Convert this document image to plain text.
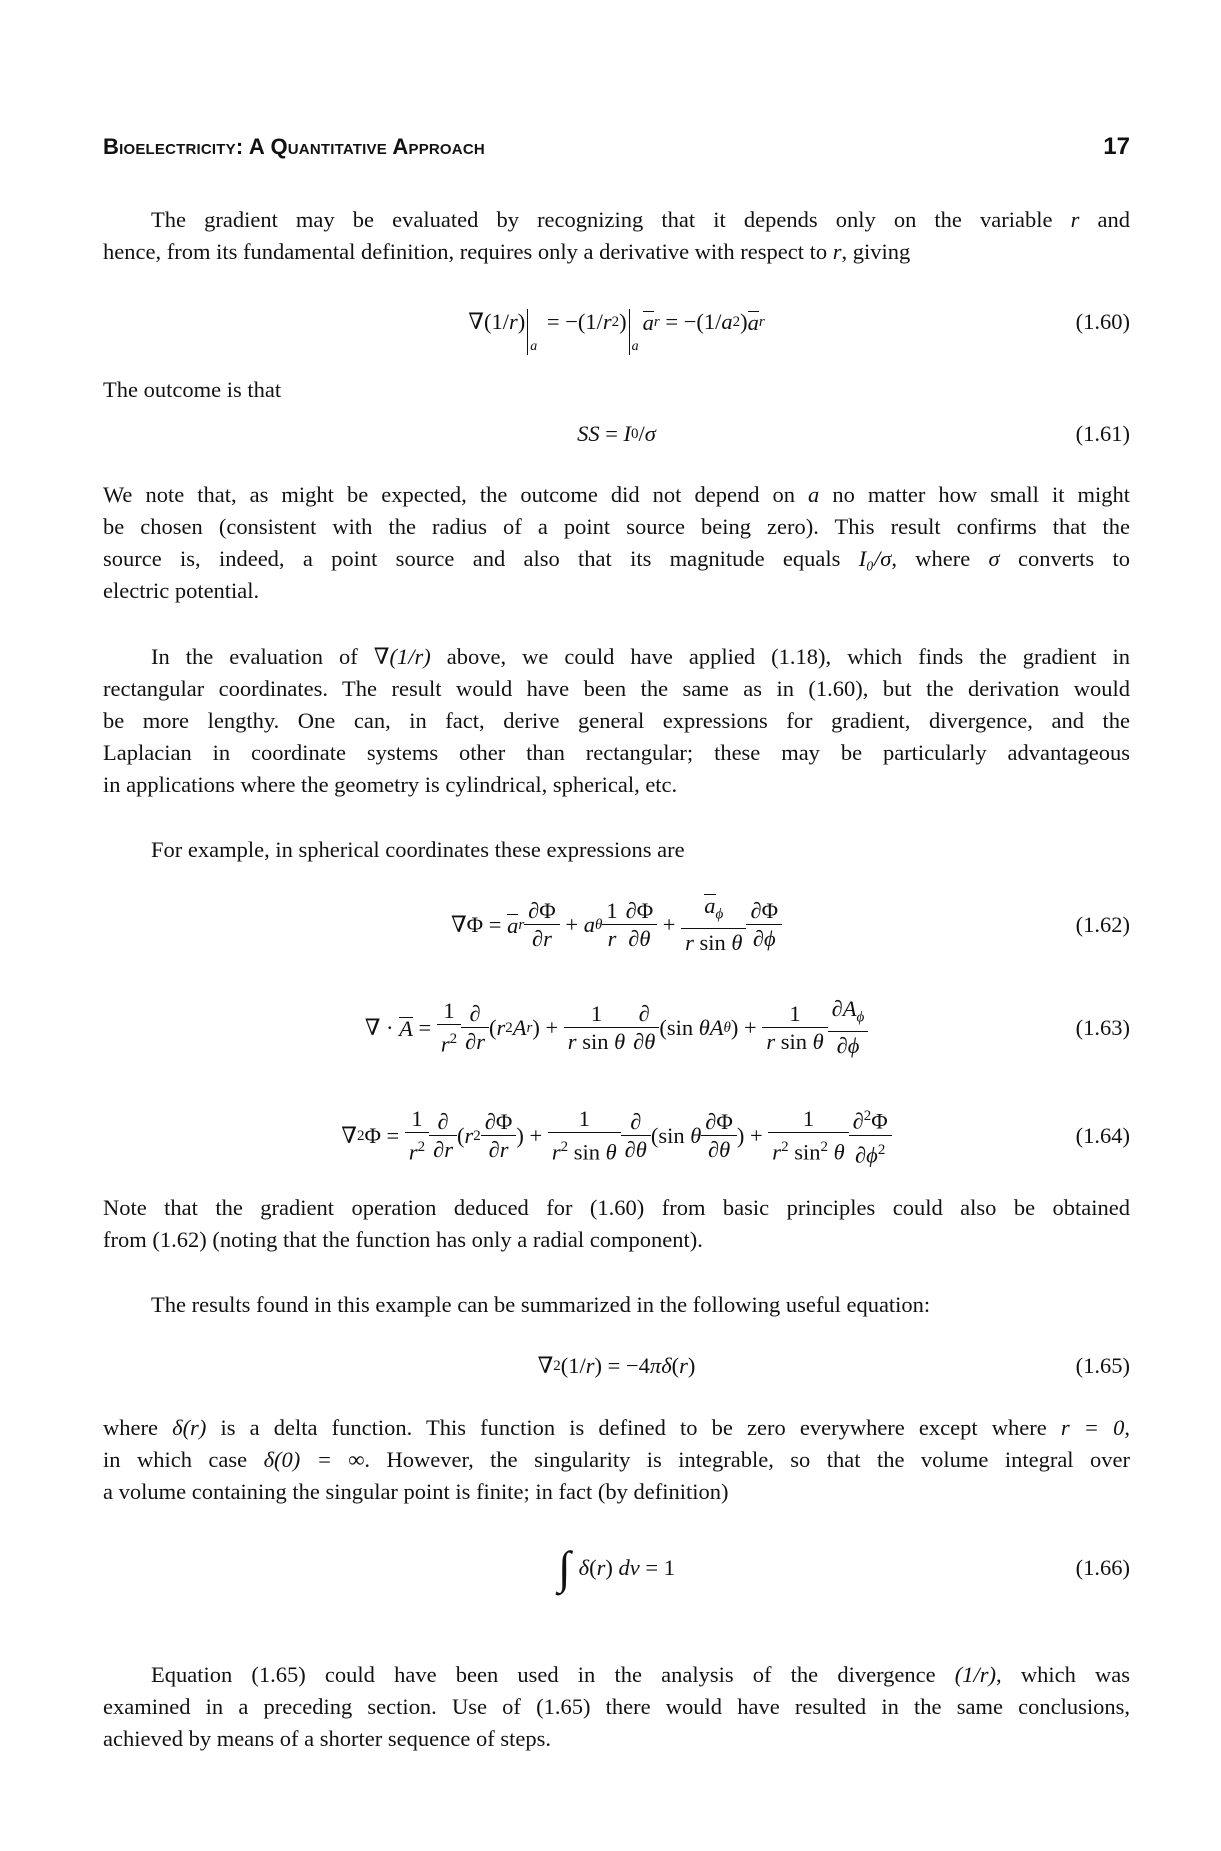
Bioelectricity: A Quantitative Approach	17
The gradient may be evaluated by recognizing that it depends only on the variable r and
hence, from its fundamental definition, requires only a derivative with respect to r, giving
∇(1/ r )
a
= −(1/ r 2 )
a
a r = −(1/ a 2 ) a r	(1.60)
The outcome is that
SS = I 0 / σ	(1.61)
We note that, as might be expected, the outcome did not depend on a no matter how small it might
be chosen (consistent with the radius of a point source being zero). This result confirms that the
source is, indeed, a point source and also that its magnitude equals I₀/σ, where σ converts to
electric potential.
In the evaluation of ∇(1/r) above, we could have applied (1.18), which finds the gradient in
rectangular coordinates. The result would have been the same as in (1.60), but the derivation would
be more lengthy. One can, in fact, derive general expressions for gradient, divergence, and the
Laplacian in coordinate systems other than rectangular; these may be particularly advantageous
in applications where the geometry is cylindrical, spherical, etc.
For example, in spherical coordinates these expressions are
∇Φ = a r $\frac{\partial\Phi}{\partial r} + a$ θ $\frac{1}{r} \frac{\partial\Phi}{\partial\theta} + \frac{a_\phi}{\text{r sin θ}} \frac{\partial\Phi}{\partial\phi}$	(1.62)
∇ · $A = \frac{1}{r^2} \frac{\partial}{\partial r}$ ( r 2 A r ) + $\frac{1}{\text{r sin θ}} \frac{\partial}{\partial\theta} (\sin$ θ A θ ) + $\frac{1}{\text{r sin θ}} \frac{\partial A_\phi}{\partial\phi}$	(1.63)
∇ 2 $\Phi = \frac{1}{r^2} \frac{\partial}{\partial r}$ ( r $2 \frac{\partial\Phi}{\partial r}$ ) + $\frac{1}{r^2 \sin \theta} \frac{\partial}{\partial\theta} (\sin$ θ $\frac{\partial\Phi}{\partial\theta}$ ) + $\frac{1}{r^2 \sin^2 \theta} \frac{\partial^2\Phi}{\partial\phi^2}$	(1.64)
Note that the gradient operation deduced for (1.60) from basic principles could also be obtained
from (1.62) (noting that the function has only a radial component).
The results found in this example can be summarized in the following useful equation:
∇ 2 (1/ r ) = −4 πδ ( r )	(1.65)
where δ(r) is a delta function. This function is defined to be zero everywhere except where r = 0,
in which case δ(0) = ∞. However, the singularity is integrable, so that the volume integral over
a volume containing the singular point is finite; in fact (by definition)
∫ δ ( r ) dv = 1	(1.66)
Equation (1.65) could have been used in the analysis of the divergence (1/r), which was
examined in a preceding section. Use of (1.65) there would have resulted in the same conclusions,
achieved by means of a shorter sequence of steps.
